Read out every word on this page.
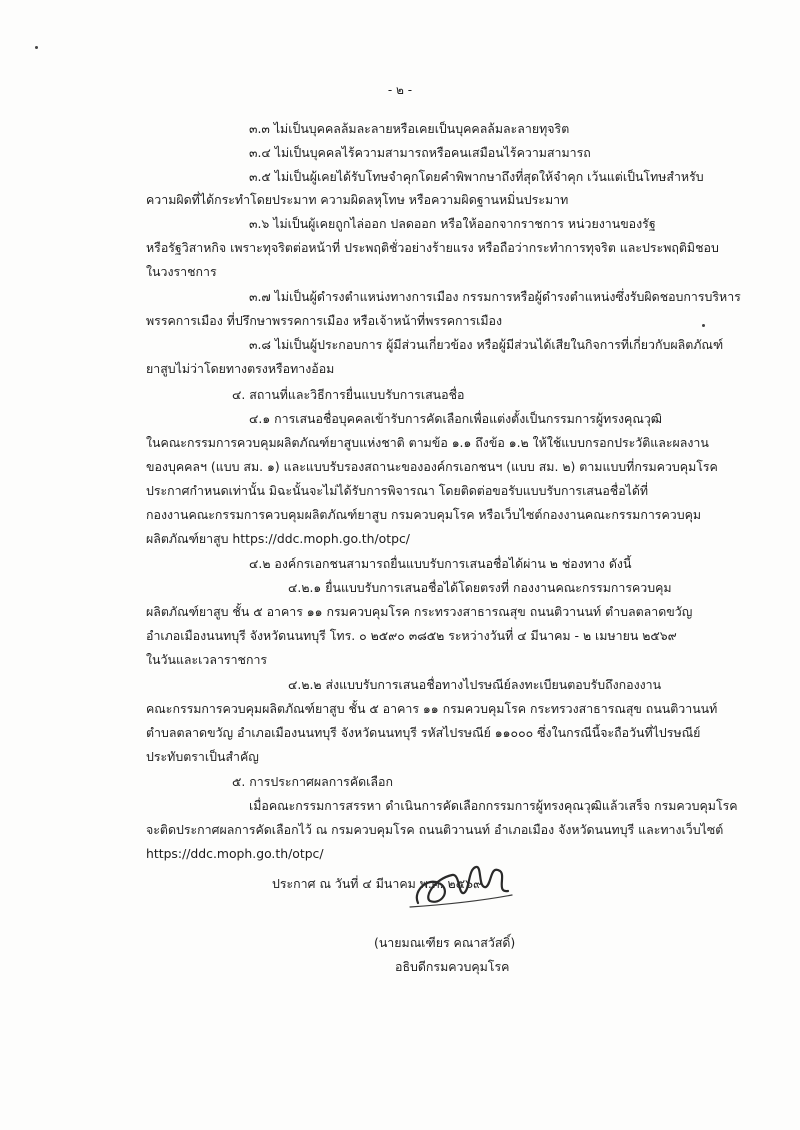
- ๒ -
๓.๓ ไม่เป็นบุคคลล้มละลายหรือเคยเป็นบุคคลล้มละลายทุจริต
๓.๔ ไม่เป็นบุคคลไร้ความสามารถหรือคนเสมือนไร้ความสามารถ
๓.๕ ไม่เป็นผู้เคยได้รับโทษจำคุกโดยคำพิพากษาถึงที่สุดให้จำคุก เว้นแต่เป็นโทษสำหรับ
ความผิดที่ได้กระทำโดยประมาท ความผิดลหุโทษ หรือความผิดฐานหมิ่นประมาท
๓.๖ ไม่เป็นผู้เคยถูกไล่ออก ปลดออก หรือให้ออกจากราชการ หน่วยงานของรัฐ
หรือรัฐวิสาหกิจ เพราะทุจริตต่อหน้าที่ ประพฤติชั่วอย่างร้ายแรง หรือถือว่ากระทำการทุจริต และประพฤติมิชอบ
ในวงราชการ
๓.๗ ไม่เป็นผู้ดำรงตำแหน่งทางการเมือง กรรมการหรือผู้ดำรงตำแหน่งซึ่งรับผิดชอบการบริหาร
พรรคการเมือง ที่ปรึกษาพรรคการเมือง หรือเจ้าหน้าที่พรรคการเมือง
๓.๘ ไม่เป็นผู้ประกอบการ ผู้มีส่วนเกี่ยวข้อง หรือผู้มีส่วนได้เสียในกิจการที่เกี่ยวกับผลิตภัณฑ์
ยาสูบไม่ว่าโดยทางตรงหรือทางอ้อม
๔. สถานที่และวิธีการยื่นแบบรับการเสนอชื่อ
๔.๑ การเสนอชื่อบุคคลเข้ารับการคัดเลือกเพื่อแต่งตั้งเป็นกรรมการผู้ทรงคุณวุฒิ
ในคณะกรรมการควบคุมผลิตภัณฑ์ยาสูบแห่งชาติ ตามข้อ ๑.๑ ถึงข้อ ๑.๒ ให้ใช้แบบกรอกประวัติและผลงาน
ของบุคคลฯ (แบบ สม. ๑) และแบบรับรองสถานะขององค์กรเอกชนฯ (แบบ สม. ๒) ตามแบบที่กรมควบคุมโรค
ประกาศกำหนดเท่านั้น มิฉะนั้นจะไม่ได้รับการพิจารณา โดยติดต่อขอรับแบบรับการเสนอชื่อได้ที่
กองงานคณะกรรมการควบคุมผลิตภัณฑ์ยาสูบ กรมควบคุมโรค หรือเว็บไซต์กองงานคณะกรรมการควบคุม
ผลิตภัณฑ์ยาสูบ https://ddc.moph.go.th/otpc/
๔.๒ องค์กรเอกชนสามารถยื่นแบบรับการเสนอชื่อได้ผ่าน ๒ ช่องทาง ดังนี้
๔.๒.๑ ยื่นแบบรับการเสนอชื่อได้โดยตรงที่ กองงานคณะกรรมการควบคุม
ผลิตภัณฑ์ยาสูบ ชั้น ๕ อาคาร ๑๑ กรมควบคุมโรค กระทรวงสาธารณสุข ถนนติวานนท์ ตำบลตลาดขวัญ
อำเภอเมืองนนทบุรี จังหวัดนนทบุรี โทร. ๐ ๒๕๙๐ ๓๘๕๒ ระหว่างวันที่ ๔ มีนาคม - ๒ เมษายน ๒๕๖๙
ในวันและเวลาราชการ
๔.๒.๒ ส่งแบบรับการเสนอชื่อทางไปรษณีย์ลงทะเบียนตอบรับถึงกองงาน
คณะกรรมการควบคุมผลิตภัณฑ์ยาสูบ ชั้น ๕ อาคาร ๑๑ กรมควบคุมโรค กระทรวงสาธารณสุข ถนนติวานนท์
ตำบลตลาดขวัญ อำเภอเมืองนนทบุรี จังหวัดนนทบุรี รหัสไปรษณีย์ ๑๑๐๐๐ ซึ่งในกรณีนี้จะถือวันที่ไปรษณีย์
ประทับตราเป็นสำคัญ
๕. การประกาศผลการคัดเลือก
เมื่อคณะกรรมการสรรหา ดำเนินการคัดเลือกกรรมการผู้ทรงคุณวุฒิแล้วเสร็จ กรมควบคุมโรค
จะติดประกาศผลการคัดเลือกไว้ ณ กรมควบคุมโรค ถนนติวานนท์ อำเภอเมือง จังหวัดนนทบุรี และทางเว็บไซต์
https://ddc.moph.go.th/otpc/
ประกาศ ณ วันที่ ๔ มีนาคม พ.ศ. ๒๕๖๙
(นายมณเฑียร คณาสวัสดิ์)
อธิบดีกรมควบคุมโรค
